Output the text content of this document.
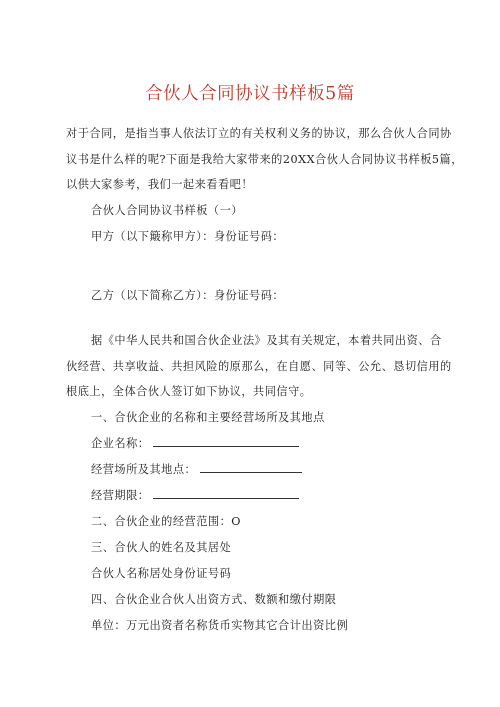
合伙人合同协议书样板5篇
对于合同，是指当事人依法订立的有关权利义务的协议，那么合伙人合同协
议书是什么样的呢?下面是我给大家带来的20XX合伙人合同协议书样板5篇，
以供大家参考，我们一起来看看吧！
合伙人合同协议书样板（一）
甲方（以下簸称甲方）：身份证号码：
乙方（以下简称乙方）：身份证号码：
据《中华人民共和国合伙企业法》及其有关规定，本着共同出资、合
伙经营、共享收益、共担风险的原那么，在自愿、同等、公允、恳切信用的
根底上，全体合伙人签订如下协议，共同信守。
一、合伙企业的名称和主要经营场所及其地点
企业名称：
经营场所及其地点：
经营期限：
二、合伙企业的经营范围：O
三、合伙人的姓名及其居处
合伙人名称居处身份证号码
四、合伙企业合伙人出资方式、数额和缴付期限
单位：万元出资者名称货币实物其它合计出资比例
